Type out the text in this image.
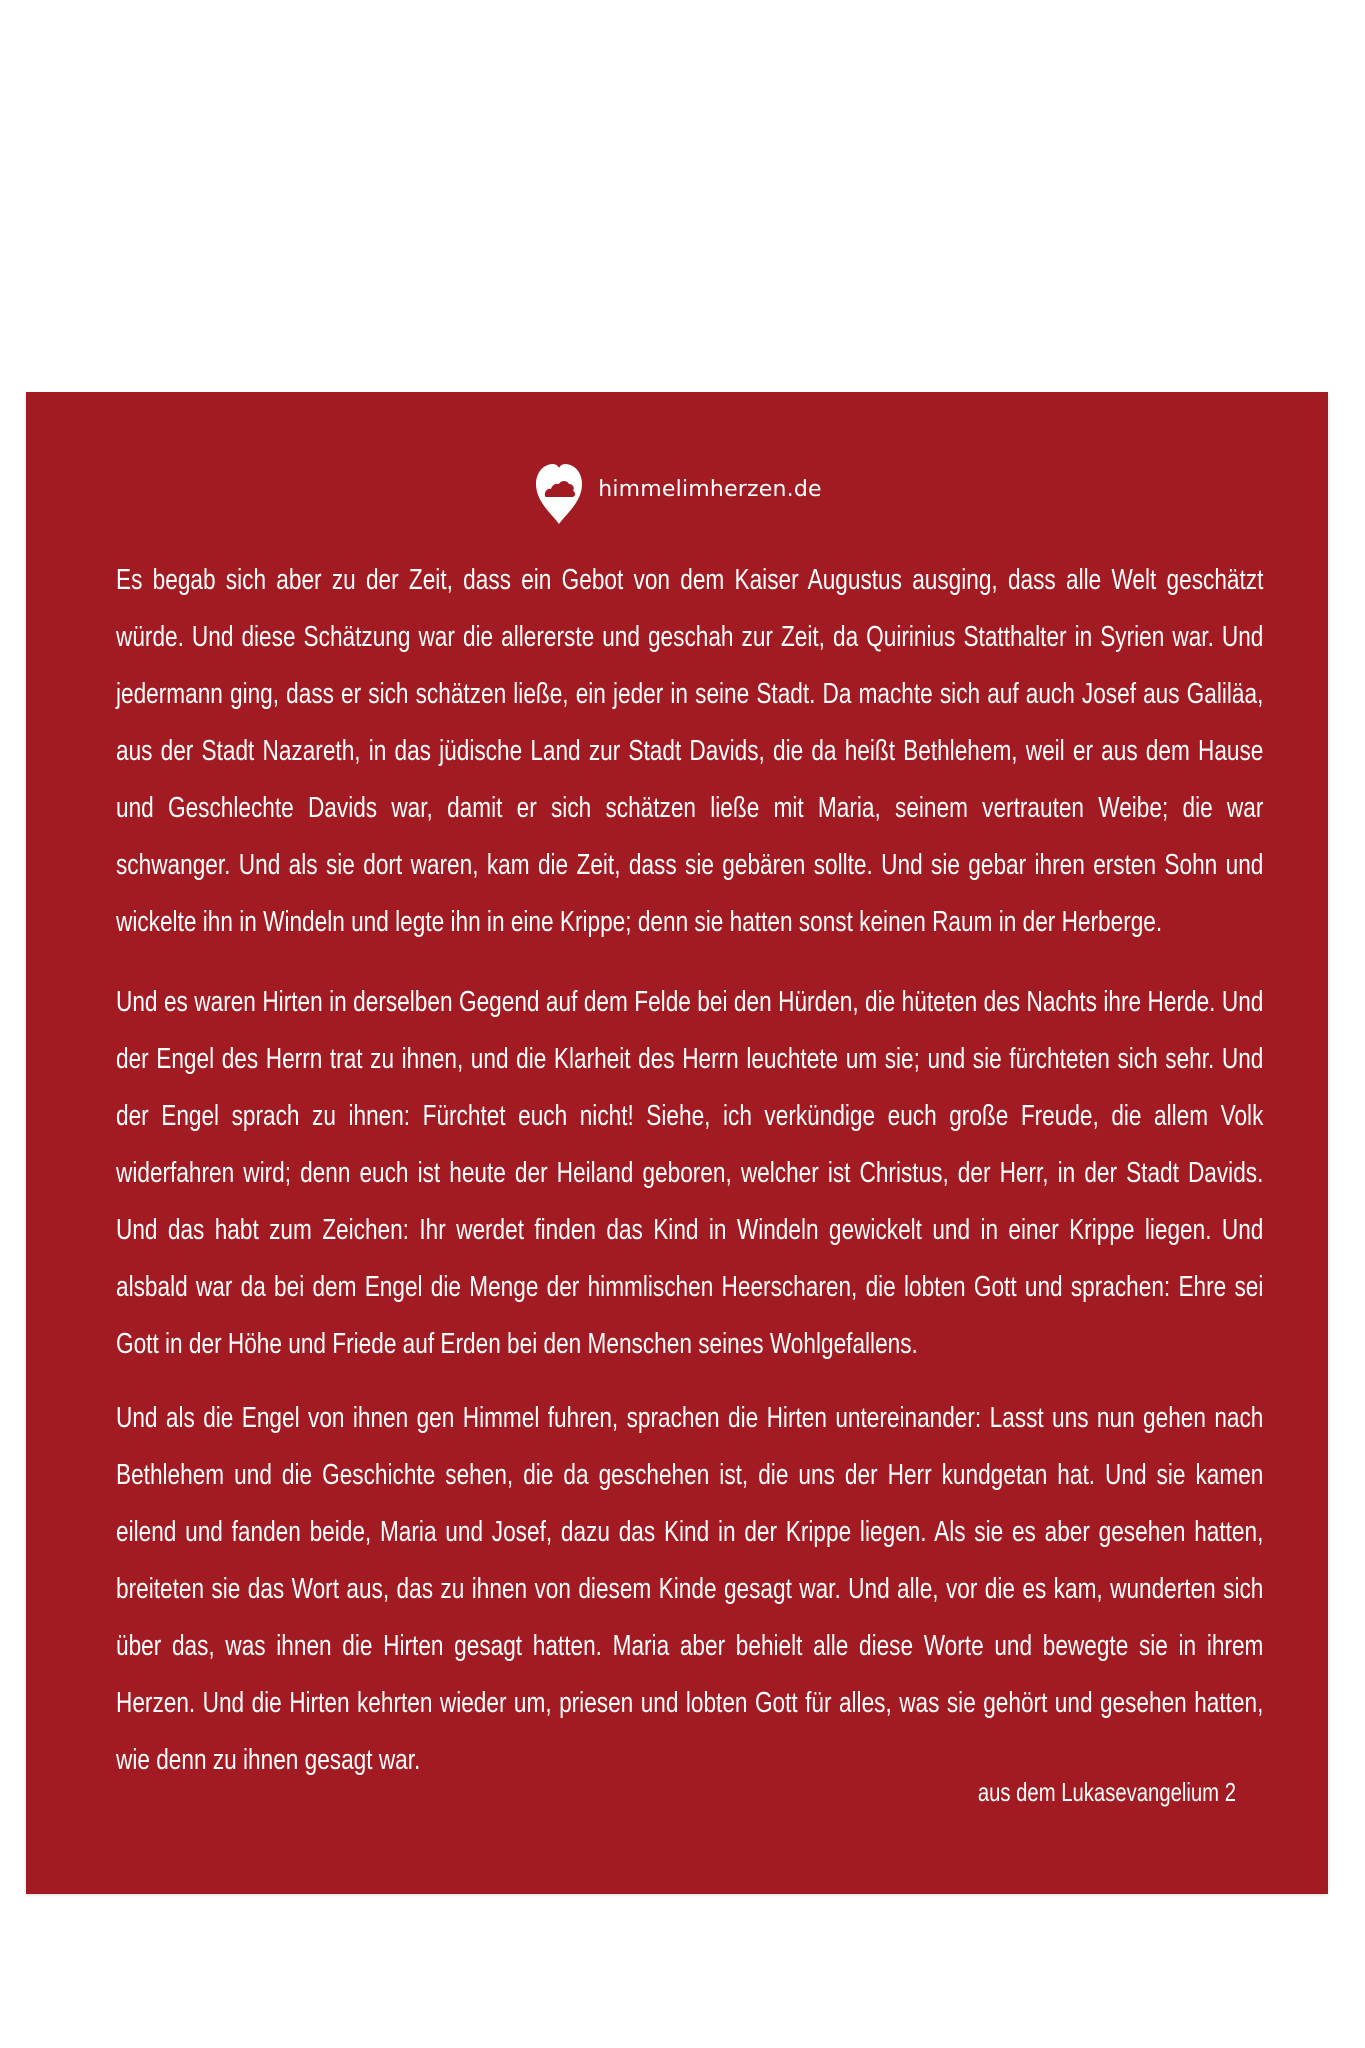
himmelimherzen.de

Es begab sich aber zu der Zeit, dass ein Gebot von dem Kaiser Augustus ausging, dass alle Welt geschätzt würde. Und diese Schätzung war die allererste und geschah zur Zeit, da Quirinius Statthalter in Syrien war. Und jedermann ging, dass er sich schätzen ließe, ein jeder in seine Stadt. Da machte sich auf auch Josef aus Galiläa, aus der Stadt Nazareth, in das jüdische Land zur Stadt Davids, die da heißt Bethlehem, weil er aus dem Hause und Geschlechte Davids war, damit er sich schätzen ließe mit Maria, seinem vertrauten Weibe; die war schwanger. Und als sie dort waren, kam die Zeit, dass sie gebären sollte. Und sie gebar ihren ersten Sohn und wickelte ihn in Windeln und legte ihn in eine Krippe; denn sie hatten sonst keinen Raum in der Herberge.

Und es waren Hirten in derselben Gegend auf dem Felde bei den Hürden, die hüteten des Nachts ihre Herde. Und der Engel des Herrn trat zu ihnen, und die Klarheit des Herrn leuchtete um sie; und sie fürchteten sich sehr. Und der Engel sprach zu ihnen: Fürchtet euch nicht! Siehe, ich verkündige euch große Freude, die allem Volk widerfahren wird; denn euch ist heute der Heiland geboren, welcher ist Christus, der Herr, in der Stadt Davids. Und das habt zum Zeichen: Ihr werdet finden das Kind in Windeln gewickelt und in einer Krippe liegen. Und alsbald war da bei dem Engel die Menge der himmlischen Heerscharen, die lobten Gott und sprachen: Ehre sei Gott in der Höhe und Friede auf Erden bei den Menschen seines Wohlgefallens.

Und als die Engel von ihnen gen Himmel fuhren, sprachen die Hirten untereinander: Lasst uns nun gehen nach Bethlehem und die Geschichte sehen, die da geschehen ist, die uns der Herr kundgetan hat. Und sie kamen eilend und fanden beide, Maria und Josef, dazu das Kind in der Krippe liegen. Als sie es aber gesehen hatten, breiteten sie das Wort aus, das zu ihnen von diesem Kinde gesagt war. Und alle, vor die es kam, wunderten sich über das, was ihnen die Hirten gesagt hatten. Maria aber behielt alle diese Worte und bewegte sie in ihrem Herzen. Und die Hirten kehrten wieder um, priesen und lobten Gott für alles, was sie gehört und gesehen hatten, wie denn zu ihnen gesagt war.

aus dem Lukasevangelium 2
